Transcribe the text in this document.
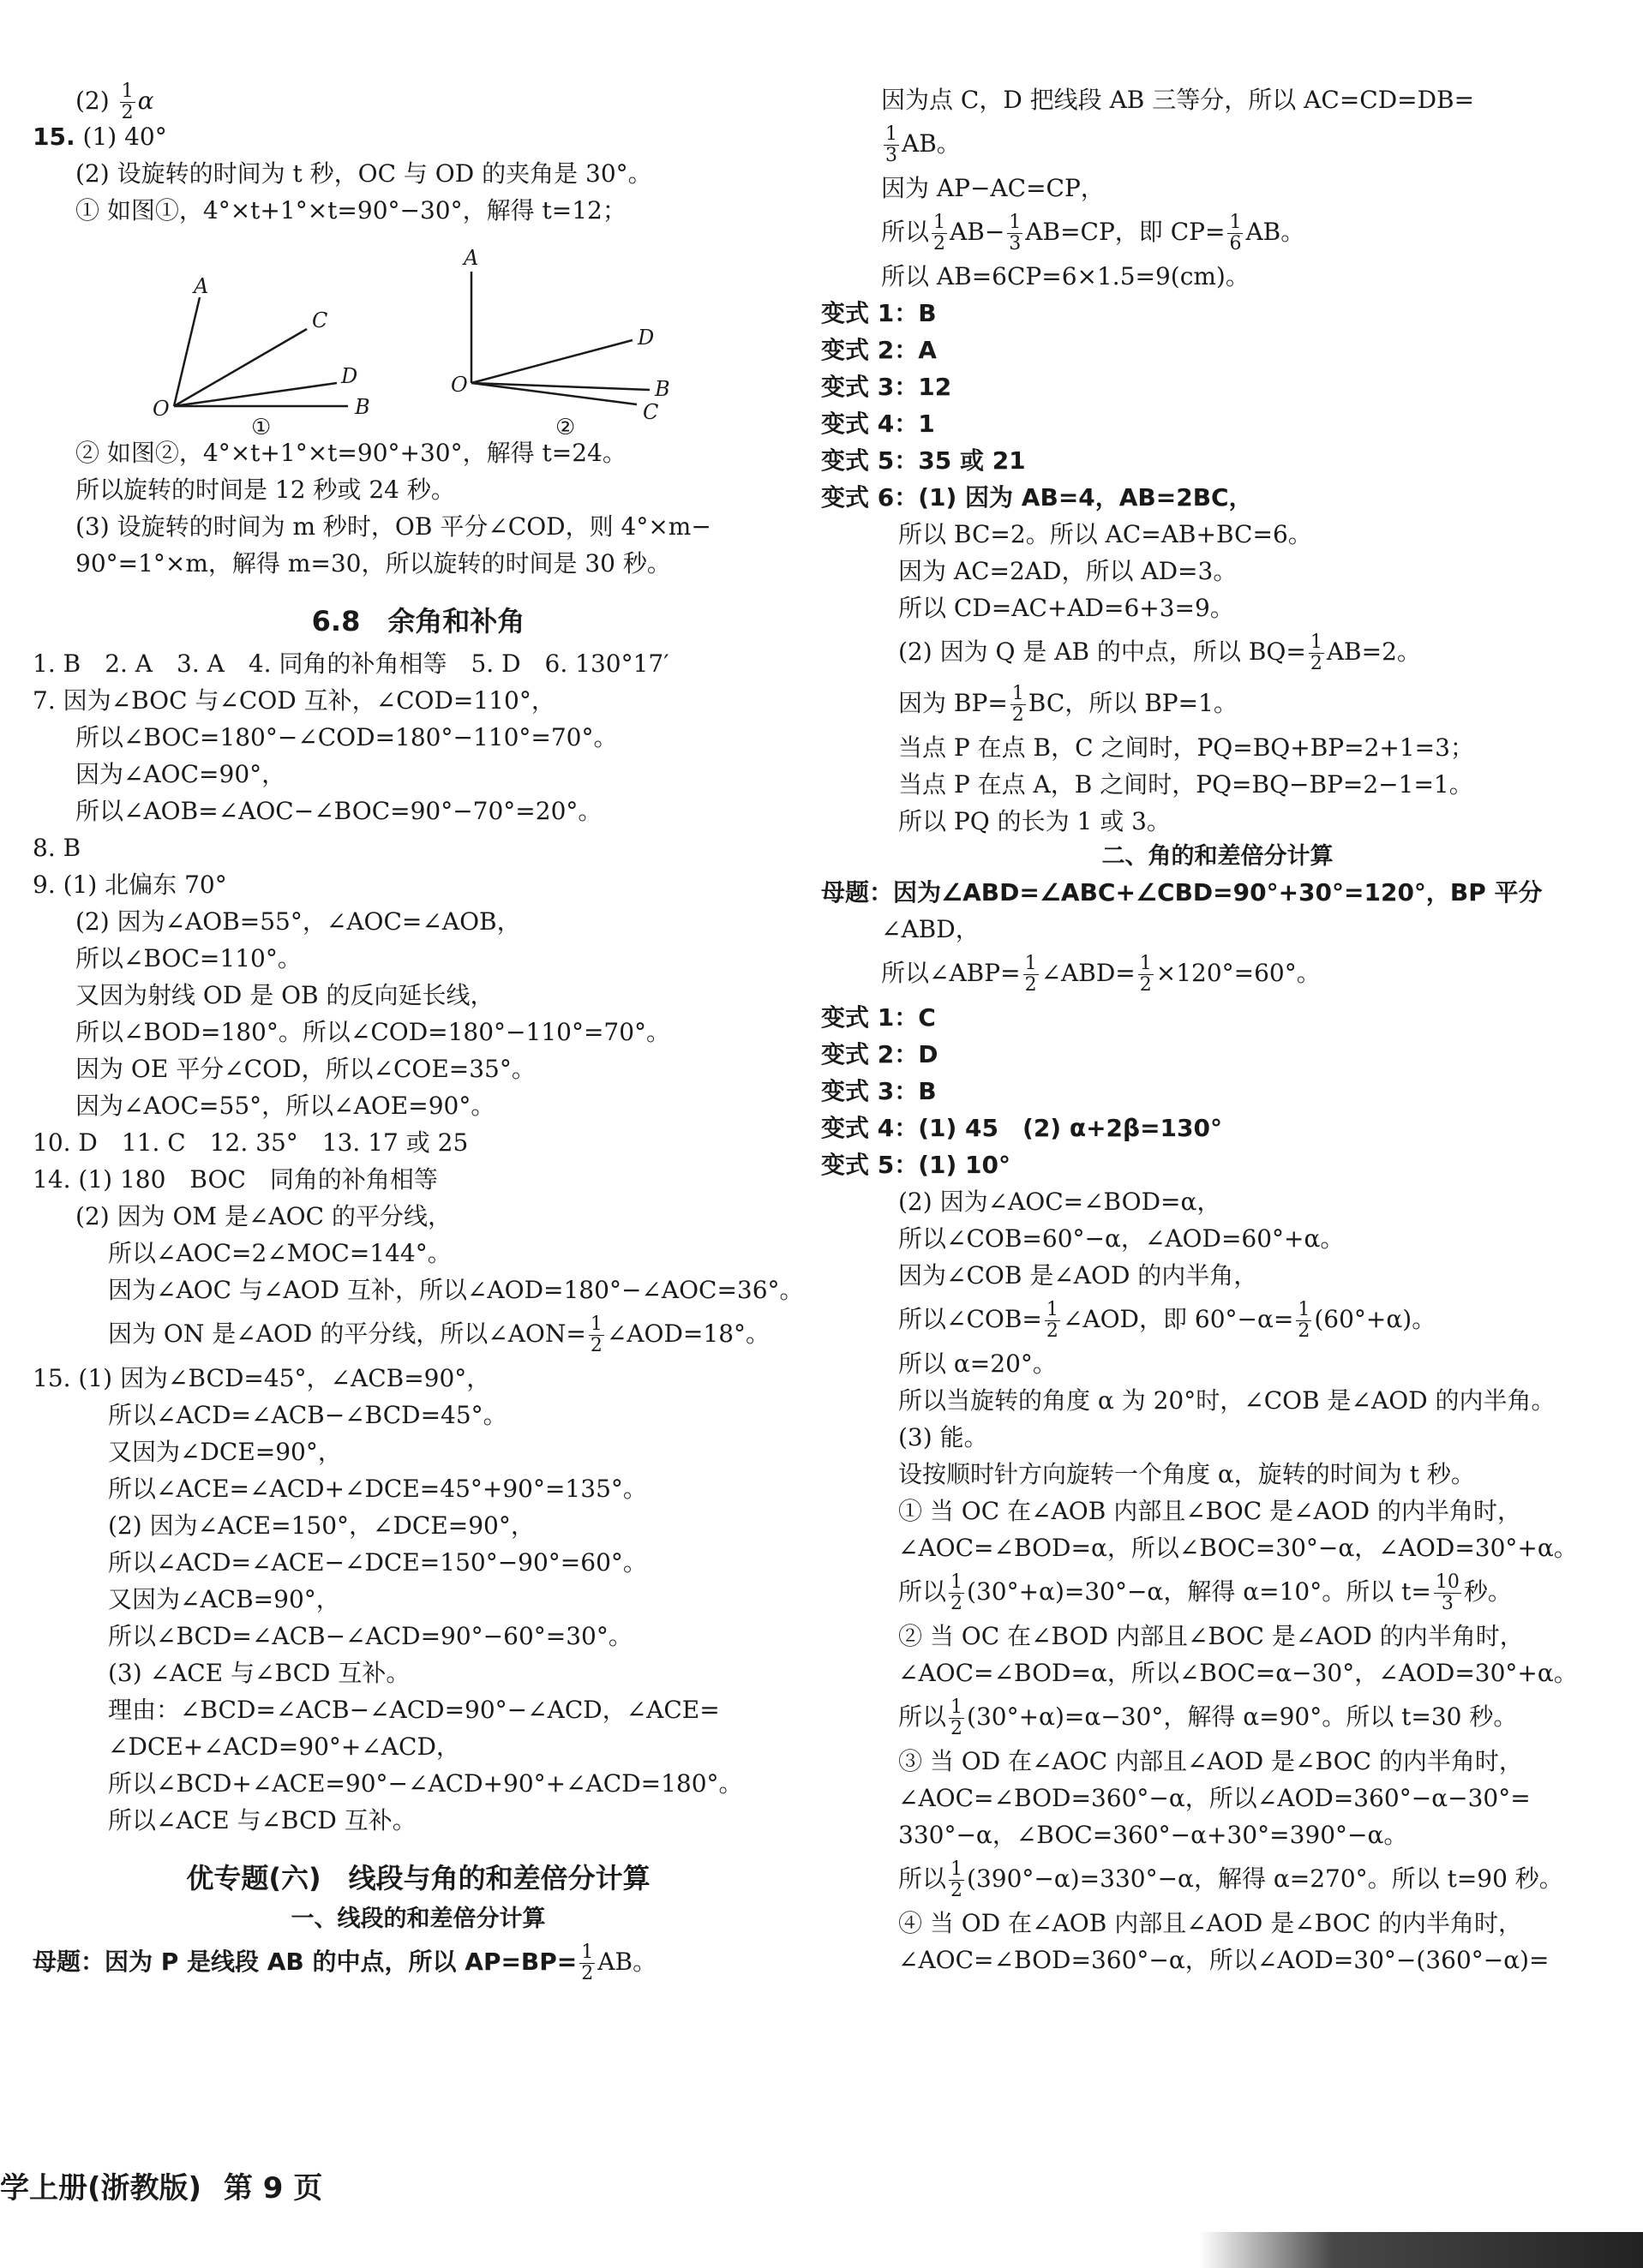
$(2) \frac{1}{2}$ α
15. (1) 40°
(2) 设旋转的时间为 t 秒，OC 与 OD 的夹角是 30°。
① 如图①，4°×t+1°×t=90°−30°，解得 t=12；
A
C
D
O	B
A
D
O	B
C
①	②
② 如图②，4°×t+1°×t=90°+30°，解得 t=24。
所以旋转的时间是 12 秒或 24 秒。
(3) 设旋转的时间为 m 秒时，OB 平分∠COD，则 4°×m−
90°=1°×m，解得 m=30，所以旋转的时间是 30 秒。
6.8　余角和补角
1. B　2. A　3. A　4. 同角的补角相等　5. D　6. 130°17′
7. 因为∠BOC 与∠COD 互补，∠COD=110°，
所以∠BOC=180°−∠COD=180°−110°=70°。
因为∠AOC=90°，
所以∠AOB=∠AOC−∠BOC=90°−70°=20°。
8. B
9. (1) 北偏东 70°
(2) 因为∠AOB=55°，∠AOC=∠AOB，
所以∠BOC=110°。
又因为射线 OD 是 OB 的反向延长线，
所以∠BOD=180°。所以∠COD=180°−110°=70°。
因为 OE 平分∠COD，所以∠COE=35°。
因为∠AOC=55°，所以∠AOE=90°。
10. D　11. C　12. 35°　13. 17 或 25
14. (1) 180　BOC　同角的补角相等
(2) 因为 OM 是∠AOC 的平分线，
所以∠AOC=2∠MOC=144°。
因为∠AOC 与∠AOD 互补，所以∠AOD=180°−∠AOC=36°。
因为 ON 是∠AOD 的平分线，所以∠AON= $\frac{1}{2}$ ∠AOD=18°。
15. (1) 因为∠BCD=45°，∠ACB=90°，
所以∠ACD=∠ACB−∠BCD=45°。
又因为∠DCE=90°，
所以∠ACE=∠ACD+∠DCE=45°+90°=135°。
(2) 因为∠ACE=150°，∠DCE=90°，
所以∠ACD=∠ACE−∠DCE=150°−90°=60°。
又因为∠ACB=90°，
所以∠BCD=∠ACB−∠ACD=90°−60°=30°。
(3) ∠ACE 与∠BCD 互补。
理由：∠BCD=∠ACB−∠ACD=90°−∠ACD，∠ACE=
∠DCE+∠ACD=90°+∠ACD，
所以∠BCD+∠ACE=90°−∠ACD+90°+∠ACD=180°。
所以∠ACE 与∠BCD 互补。
优专题(六)　线段与角的和差倍分计算
一、线段的和差倍分计算
母题：因为 P 是线段 AB 的中点，所以 $AP=BP= \frac{1}{2}$ AB。
因为点 C，D 把线段 AB 三等分，所以 AC=CD=DB=
$\frac{1}{3}$ AB。
因为 AP−AC=CP，
所以 $\frac{1}{2} AB- \frac{1}{3} AB=CP$，即 $CP= \frac{1}{6}$ AB。
所以 AB=6CP=6×1.5=9(cm)。
变式 1：B
变式 2：A
变式 3：12
变式 4：1
变式 5：35 或 21
变式 6：(1) 因为 AB=4，AB=2BC，
所以 BC=2。所以 AC=AB+BC=6。
因为 AC=2AD，所以 AD=3。
所以 CD=AC+AD=6+3=9。
(2) 因为 Q 是 AB 的中点，所以 $BQ= \frac{1}{2} AB=2$。
因为 $BP= \frac{1}{2}$ BC，所以 BP=1。
当点 P 在点 B，C 之间时，PQ=BQ+BP=2+1=3；
当点 P 在点 A，B 之间时，PQ=BQ−BP=2−1=1。
所以 PQ 的长为 1 或 3。
二、角的和差倍分计算
母题：因为∠ABD=∠ABC+∠CBD=90°+30°=120°，BP 平分
∠ABD，
所以∠ABP= $\frac{1}{2}$ ∠ABD= $\frac{1}{2} \times 120^\circ=60^\circ$。
变式 1：C
变式 2：D
变式 3：B
变式 4：(1) 45　(2) α+2β=130°
变式 5：(1) 10°
(2) 因为∠AOC=∠BOD=α，
所以∠COB=60°−α，∠AOD=60°+α。
因为∠COB 是∠AOD 的内半角，
所以∠COB= $\frac{1}{2}$ ∠AOD，即 $60^\circ-\alpha= \frac{1}{2} (60^\circ+\alpha)$。
所以 α=20°。
所以当旋转的角度 α 为 20°时，∠COB 是∠AOD 的内半角。
(3) 能。
设按顺时针方向旋转一个角度 α，旋转的时间为 t 秒。
① 当 OC 在∠AOB 内部且∠BOC 是∠AOD 的内半角时，
∠AOC=∠BOD=α，所以∠BOC=30°−α，∠AOD=30°+α。
所以 $\frac{1}{2} (30^\circ+\alpha)=30^\circ-\alpha$，解得 α=10°。所以 $t= \frac{10}{3}$ 秒。
② 当 OC 在∠BOD 内部且∠BOC 是∠AOD 的内半角时，
∠AOC=∠BOD=α，所以∠BOC=α−30°，∠AOD=30°+α。
所以 $\frac{1}{2} (30^\circ+\alpha)=\alpha-30^\circ$，解得 α=90°。所以 t=30 秒。
③ 当 OD 在∠AOC 内部且∠AOD 是∠BOC 的内半角时，
∠AOC=∠BOD=360°−α，所以∠AOD=360°−α−30°=
330°−α，∠BOC=360°−α+30°=390°−α。
所以 $\frac{1}{2} (390^\circ-\alpha)=330^\circ-\alpha$，解得 α=270°。所以 t=90 秒。
④ 当 OD 在∠AOB 内部且∠AOD 是∠BOC 的内半角时，
∠AOC=∠BOD=360°−α，所以∠AOD=30°−(360°−α)=
学上册(浙教版) 第 9 页
